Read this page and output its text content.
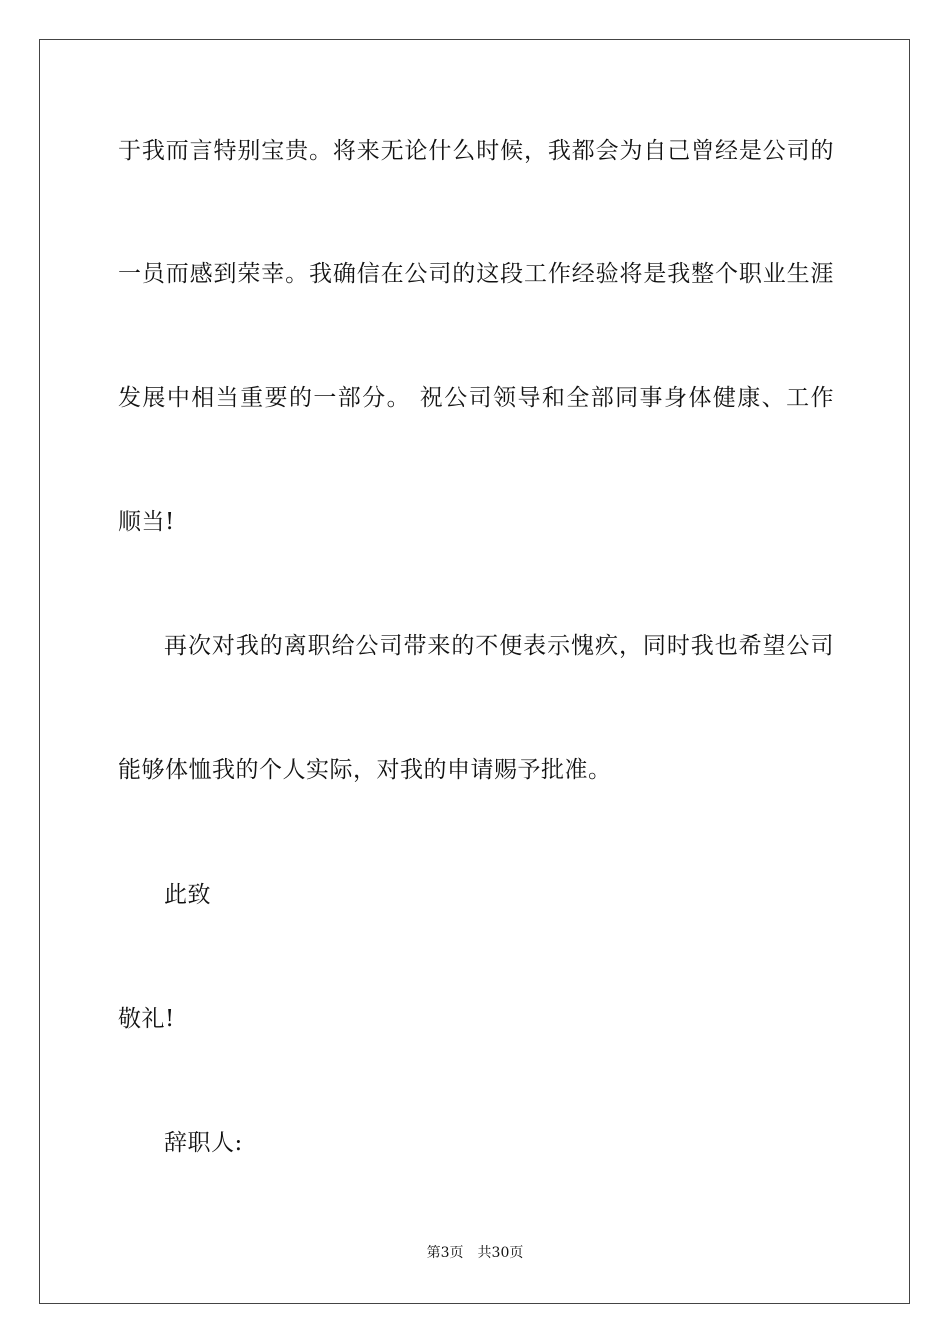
于我而言特别宝贵。将来无论什么时候，我都会为自己曾经是公司的
一员而感到荣幸。我确信在公司的这段工作经验将是我整个职业生涯
发展中相当重要的一部分。 祝公司领导和全部同事身体健康、工作
顺当!
再次对我的离职给公司带来的不便表示愧疚，同时我也希望公司
能够体恤我的个人实际，对我的申请赐予批准。
此致
敬礼!
辞职人:
第3页 共30页
